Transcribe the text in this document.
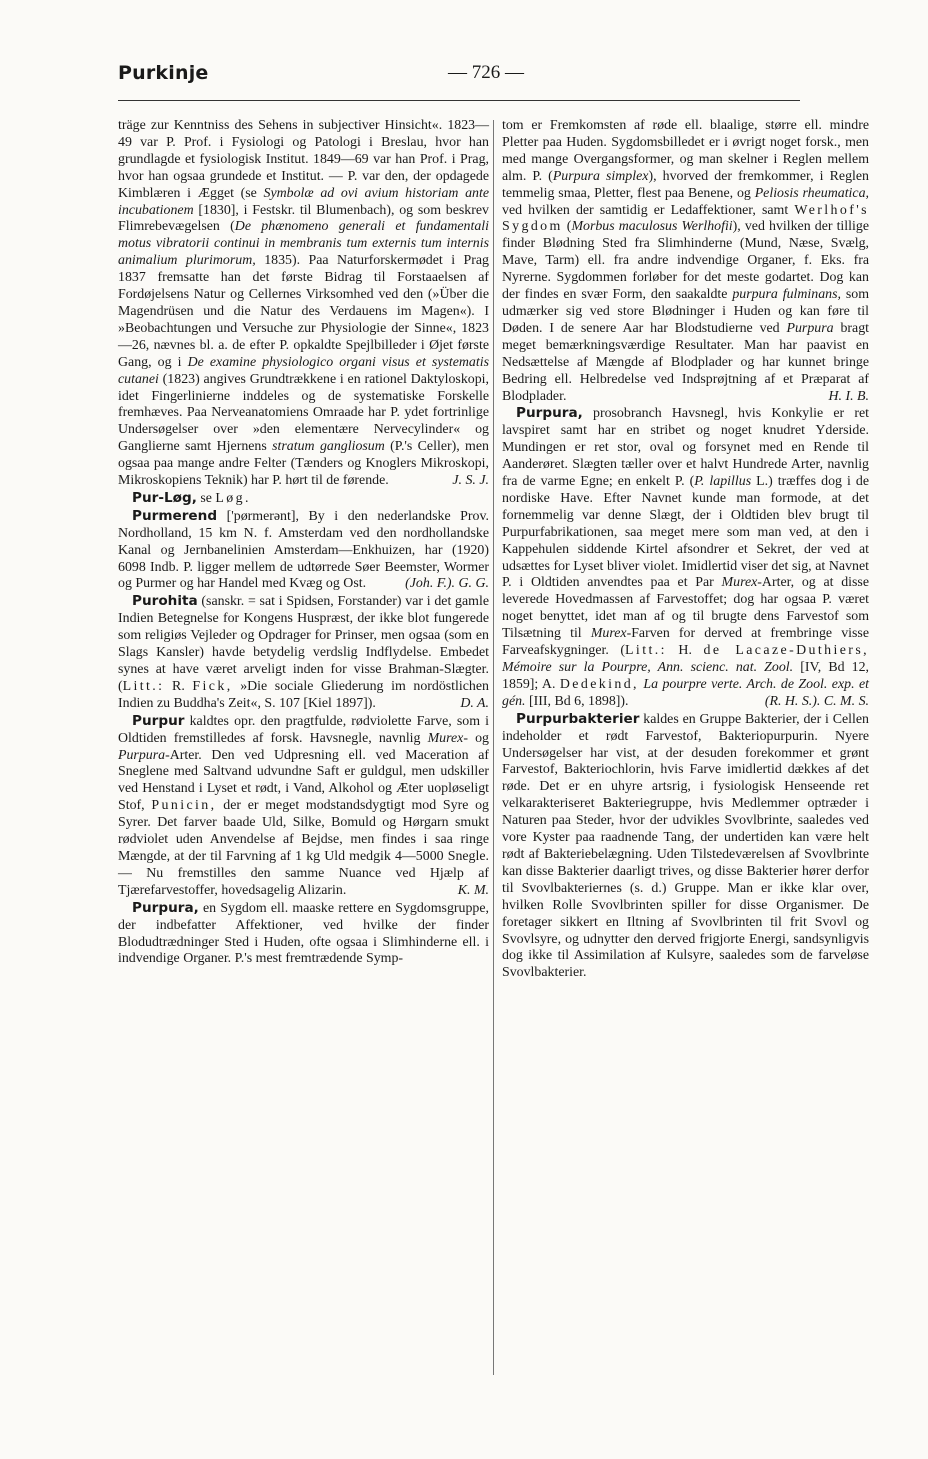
Purkinje	— 726 —

träge zur Kenntniss des Sehens in subjectiver Hinsicht«. 1823—49 var P. Prof. i Fysiologi og Patologi i Breslau, hvor han grundlagde et fysiologisk Institut. 1849—69 var han Prof. i Prag, hvor han ogsaa grundede et Institut. — P. var den, der opdagede Kimblæren i Ægget (se Symbolæ ad ovi avium historiam ante incubationem [1830], i Festskr. til Blumenbach), og som beskrev Flimrebevægelsen (De phænomeno generali et fundamentali motus vibratorii continui in membranis tum externis tum internis animalium plurimorum, 1835). Paa Naturforskermødet i Prag 1837 fremsatte han det første Bidrag til Forstaaelsen af Fordøjelsens Natur og Cellernes Virksomhed ved den (»Über die Magendrüsen und die Natur des Verdauens im Magen«). I »Beobachtungen und Versuche zur Physiologie der Sinne«, 1823—26, nævnes bl. a. de efter P. opkaldte Spejlbilleder i Øjet første Gang, og i De examine physiologico organi visus et systematis cutanei (1823) angives Grundtrækkene i en rationel Daktyloskopi, idet Fingerlinierne inddeles og de systematiske Forskelle fremhæves. Paa Nerveanatomiens Omraade har P. ydet fortrinlige Undersøgelser over »den elementære Nervecylinder« og Ganglierne samt Hjernens stratum gangliosum (P.'s Celler), men ogsaa paa mange andre Felter (Tænders og Knoglers Mikroskopi, Mikroskopiens Teknik) har P. hørt til de førende.	J. S. J.

Pur-Løg, se Løg.

Purmerend ['pørmerənt], By i den nederlandske Prov. Nordholland, 15 km N. f. Amsterdam ved den nordhollandske Kanal og Jernbanelinien Amsterdam—Enkhuizen, har (1920) 6098 Indb. P. ligger mellem de udtørrede Søer Beemster, Wormer og Purmer og har Handel med Kvæg og Ost.	(Joh. F.). G. G.

Purohita (sanskr. = sat i Spidsen, Forstander) var i det gamle Indien Betegnelse for Kongens Huspræst, der ikke blot fungerede som religiøs Vejleder og Opdrager for Prinser, men ogsaa (som en Slags Kansler) havde betydelig verdslig Indflydelse. Embedet synes at have været arveligt inden for visse Brahman-Slægter. (Litt.: R. Fick, »Die sociale Gliederung im nordöstlichen Indien zu Buddha's Zeit«, S. 107 [Kiel 1897]).	D. A.

Purpur kaldtes opr. den pragtfulde, rødviolette Farve, som i Oldtiden fremstilledes af forsk. Havsnegle, navnlig Murex- og Purpura-Arter. Den ved Udpresning ell. ved Maceration af Sneglene med Saltvand udvundne Saft er guldgul, men udskiller ved Henstand i Lyset et rødt, i Vand, Alkohol og Æter uopløseligt Stof, Punicin, der er meget modstandsdygtigt mod Syre og Syrer. Det farver baade Uld, Silke, Bomuld og Hørgarn smukt rødviolet uden Anvendelse af Bejdse, men findes i saa ringe Mængde, at der til Farvning af 1 kg Uld medgik 4—5000 Snegle. — Nu fremstilles den samme Nuance ved Hjælp af Tjærefarvestoffer, hovedsagelig Alizarin.	K. M.

Purpura, en Sygdom ell. maaske rettere en Sygdomsgruppe, der indbefatter Affektioner, ved hvilke der finder Blodudtrædninger Sted i Huden, ofte ogsaa i Slimhinderne ell. i indvendige Organer. P.'s mest fremtrædende Symp-

tom er Fremkomsten af røde ell. blaalige, større ell. mindre Pletter paa Huden. Sygdomsbilledet er i øvrigt noget forsk., men med mange Overgangsformer, og man skelner i Reglen mellem alm. P. (Purpura simplex), hvorved der fremkommer, i Reglen temmelig smaa, Pletter, flest paa Benene, og Peliosis rheumatica, ved hvilken der samtidig er Ledaffektioner, samt Werlhof's Sygdom (Morbus maculosus Werlhofii), ved hvilken der tillige finder Blødning Sted fra Slimhinderne (Mund, Næse, Svælg, Mave, Tarm) ell. fra andre indvendige Organer, f. Eks. fra Nyrerne. Sygdommen forløber for det meste godartet. Dog kan der findes en svær Form, den saakaldte purpura fulminans, som udmærker sig ved store Blødninger i Huden og kan føre til Døden. I de senere Aar har Blodstudierne ved Purpura bragt meget bemærkningsværdige Resultater. Man har paavist en Nedsættelse af Mængde af Blodplader og har kunnet bringe Bedring ell. Helbredelse ved Indsprøjtning af et Præparat af Blodplader.	H. I. B.

Purpura, prosobranch Havsnegl, hvis Konkylie er ret lavspiret samt har en stribet og noget knudret Yderside. Mundingen er ret stor, oval og forsynet med en Rende til Aanderøret. Slægten tæller over et halvt Hundrede Arter, navnlig fra de varme Egne; en enkelt P. (P. lapillus L.) træffes dog i de nordiske Have. Efter Navnet kunde man formode, at det fornemmelig var denne Slægt, der i Oldtiden blev brugt til Purpurfabrikationen, saa meget mere som man ved, at den i Kappehulen siddende Kirtel afsondrer et Sekret, der ved at udsættes for Lyset bliver violet. Imidlertid viser det sig, at Navnet P. i Oldtiden anvendtes paa et Par Murex-Arter, og at disse leverede Hovedmassen af Farvestoffet; dog har ogsaa P. været noget benyttet, idet man af og til brugte dens Farvestof som Tilsætning til Murex-Farven for derved at frembringe visse Farveafskygninger. (Litt.: H. de Lacaze-Duthiers, Mémoire sur la Pourpre, Ann. scienc. nat. Zool. [IV, Bd 12, 1859]; A. Dedekind, La pourpre verte. Arch. de Zool. exp. et gén. [III, Bd 6, 1898]).	(R. H. S.). C. M. S.

Purpurbakterier kaldes en Gruppe Bakterier, der i Cellen indeholder et rødt Farvestof, Bakteriopurpurin. Nyere Undersøgelser har vist, at der desuden forekommer et grønt Farvestof, Bakteriochlorin, hvis Farve imidlertid dækkes af det røde. Det er en uhyre artsrig, i fysiologisk Henseende ret velkarakteriseret Bakteriegruppe, hvis Medlemmer optræder i Naturen paa Steder, hvor der udvikles Svovlbrinte, saaledes ved vore Kyster paa raadnende Tang, der undertiden kan være helt rødt af Bakteriebelægning. Uden Tilstedeværelsen af Svovlbrinte kan disse Bakterier daarligt trives, og disse Bakterier hører derfor til Svovlbakteriernes (s. d.) Gruppe. Man er ikke klar over, hvilken Rolle Svovlbrinten spiller for disse Organismer. De foretager sikkert en Iltning af Svovlbrinten til frit Svovl og Svovlsyre, og udnytter den derved frigjorte Energi, sandsynligvis dog ikke til Assimilation af Kulsyre, saaledes som de farveløse Svovlbakterier.
